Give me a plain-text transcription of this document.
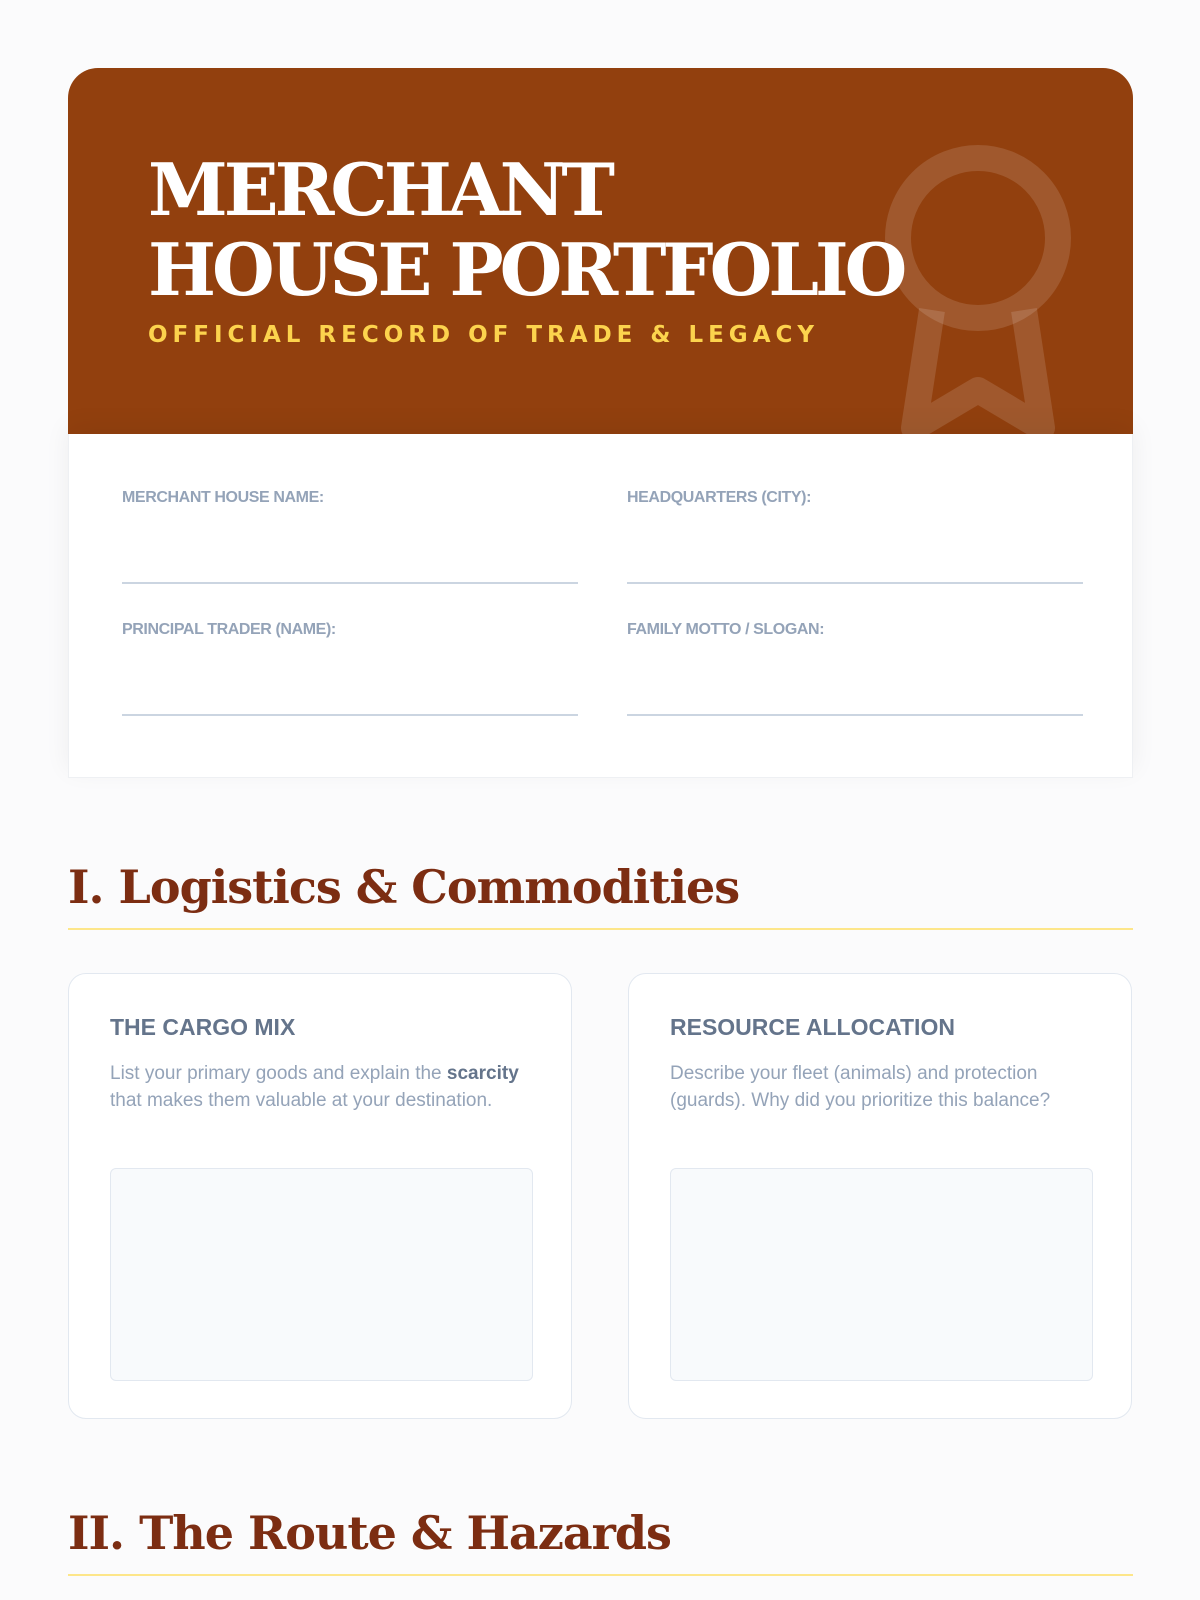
MERCHANT HOUSE PORTFOLIO

OFFICIAL RECORD OF TRADE & LEGACY

MERCHANT HOUSE NAME:	HEADQUARTERS (CITY):
PRINCIPAL TRADER (NAME):	FAMILY MOTTO / SLOGAN:
I. Logistics & Commodities
THE CARGO MIX

List your primary goods and explain the scarcity that makes them valuable at your destination.

RESOURCE ALLOCATION

Describe your fleet (animals) and protection (guards). Why did you prioritize this balance?

II. The Route & Hazards
